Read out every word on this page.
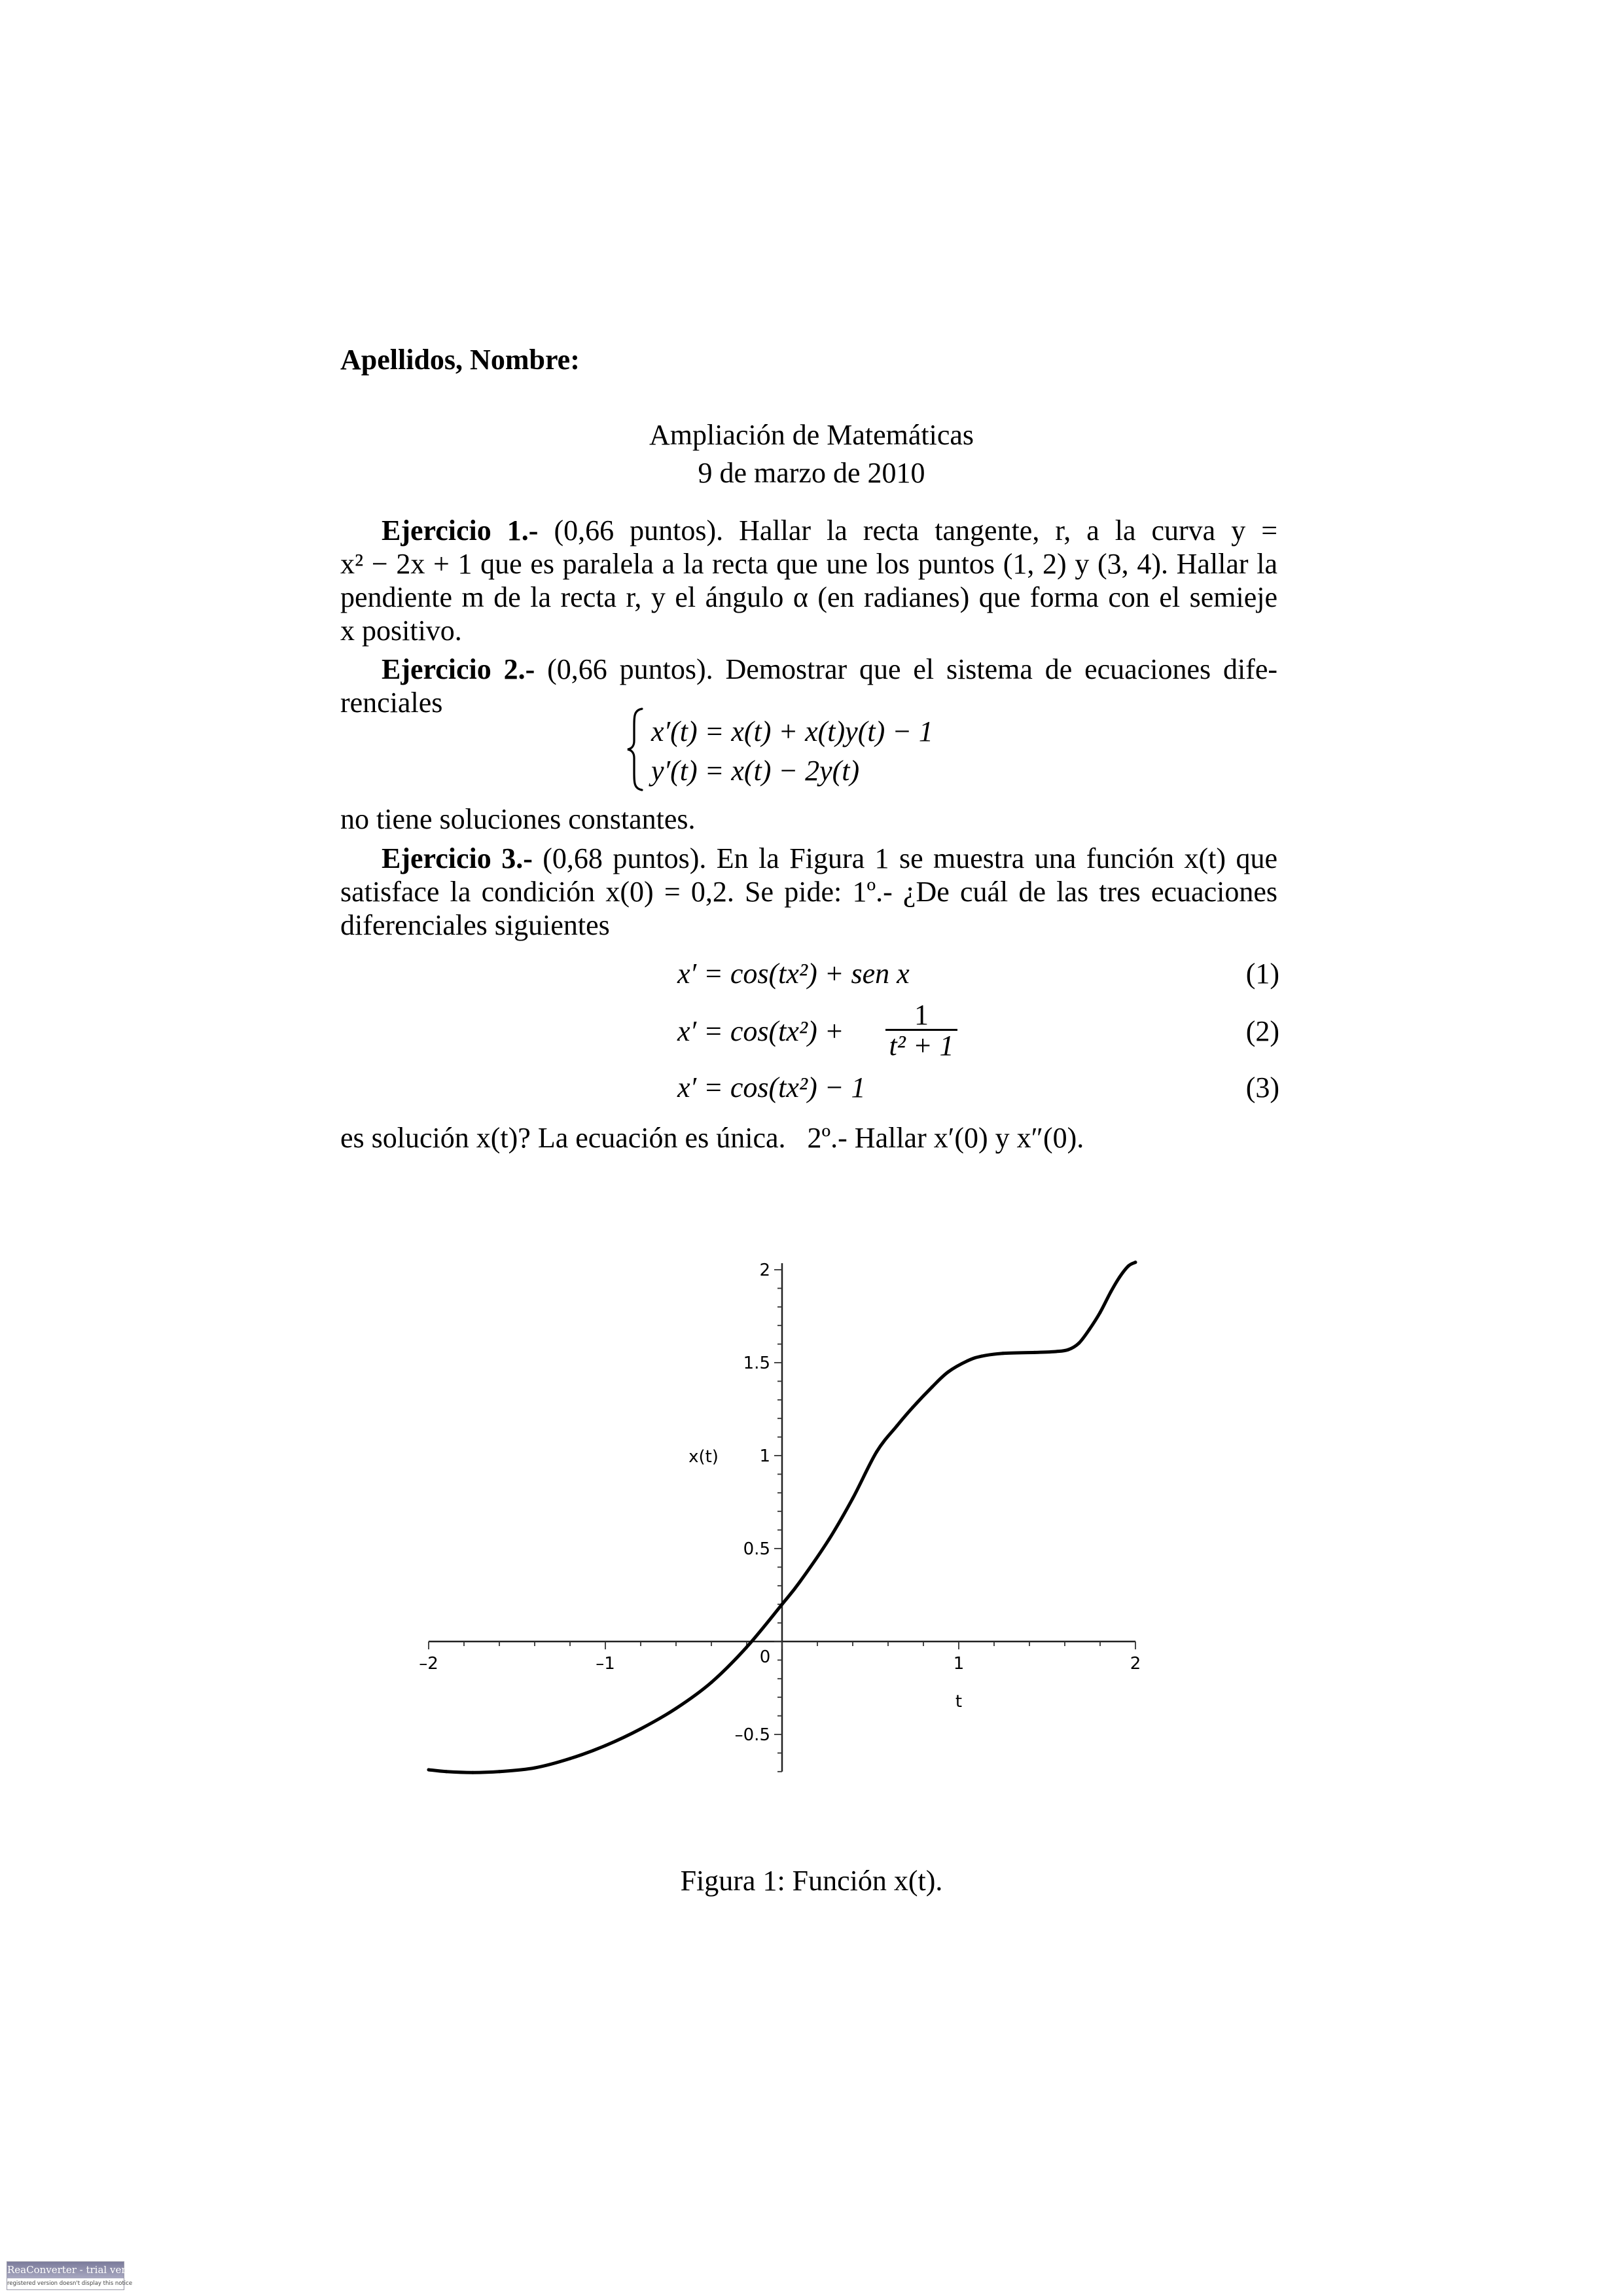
Apellidos, Nombre:
Ampliación de Matemáticas
9 de marzo de 2010
Ejercicio 1.- (0,66 puntos). Hallar la recta tangente, r, a la curva y =
x² − 2x + 1 que es paralela a la recta que une los puntos (1, 2) y (3, 4). Hallar la
pendiente m de la recta r, y el ángulo α (en radianes) que forma con el semieje
x positivo.
Ejercicio 2.- (0,66 puntos). Demostrar que el sistema de ecuaciones dife-
renciales
x′(t) = x(t) + x(t)y(t) − 1
y′(t) = x(t) − 2y(t)
no tiene soluciones constantes.
Ejercicio 3.- (0,68 puntos). En la Figura 1 se muestra una función x(t) que
satisface la condición x(0) = 0,2. Se pide: 1º.- ¿De cuál de las tres ecuaciones
diferenciales siguientes
x′ = cos(tx²) + sen x	(1)
$x' = \cos(tx^2) + \frac{1}{\text{t² + 1}}$	(2)
x′ = cos(tx²) − 1	(3)
es solución x(t)? La ecuación es única.   2º.- Hallar x′(0) y x″(0).
–2	–1	0	1	2
–0.5
0.5
1
1.5
2
t
x(t)
Figura 1: Función x(t).
ReaConverter - trial version
registered version doesn't display this notice
